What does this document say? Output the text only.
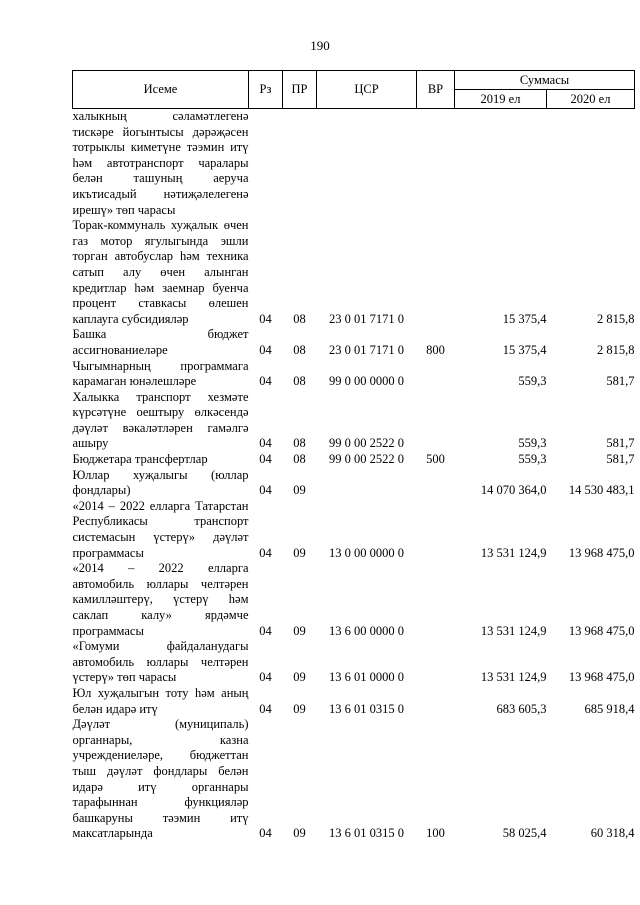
190
Исеме	Рз	ПР	ЦСР	ВР	Суммасы	
					2019 ел	2020 ел
халыкның сәламәтлегенә тискәре йогынтысы дәрәҗәсен тотрыклы киметүне тәэмин итү һәм автотранспорт чаралары белән ташуның аеруча икътисадый нәтиҗәлелегенә ирешү» төп чарасы						
Торак-коммуналь хуҗалык өчен газ мотор ягулыгында эшли торган автобуслар һәм техника сатып алу өчен алынган кредитлар һәм заемнар буенча процент ставкасы өлешен каплауга субсидияләр	04	08	23 0 01 7171 0		15 375,4	2 815,8
Башка бюджет ассигнованиеләре	04	08	23 0 01 7171 0	800	15 375,4	2 815,8
Чыгымнарның программага карамаган юнәлешләре	04	08	99 0 00 0000 0		559,3	581,7
Халыкка транспорт хезмәте күрсәтүне оештыру өлкәсендә дәүләт вәкаләтләрен гамәлгә ашыру	04	08	99 0 00 2522 0		559,3	581,7
Бюджетара трансфертлар	04	08	99 0 00 2522 0	500	559,3	581,7
Юллар хуҗалыгы (юллар фондлары)	04	09			14 070 364,0	14 530 483,1
«2014 – 2022 елларга Татарстан Республикасы транспорт системасын үстерү» дәүләт программасы	04	09	13 0 00 0000 0		13 531 124,9	13 968 475,0
«2014 – 2022 елларга автомобиль юллары челтәрен камилләштерү, үстерү һәм саклап калу» ярдәмче программасы	04	09	13 6 00 0000 0		13 531 124,9	13 968 475,0
«Гомуми файдаланудагы автомобиль юллары челтәрен үстерү» төп чарасы	04	09	13 6 01 0000 0		13 531 124,9	13 968 475,0
Юл хуҗалыгын тоту һәм аның белән идарә итү	04	09	13 6 01 0315 0		683 605,3	685 918,4
Дәүләт (муниципаль) органнары, казна учреждениеләре, бюджеттан тыш дәүләт фондлары белән идарә итү органнары тарафыннан функцияләр башкаруны тәэмин итү максатларында	04	09	13 6 01 0315 0	100	58 025,4	60 318,4
